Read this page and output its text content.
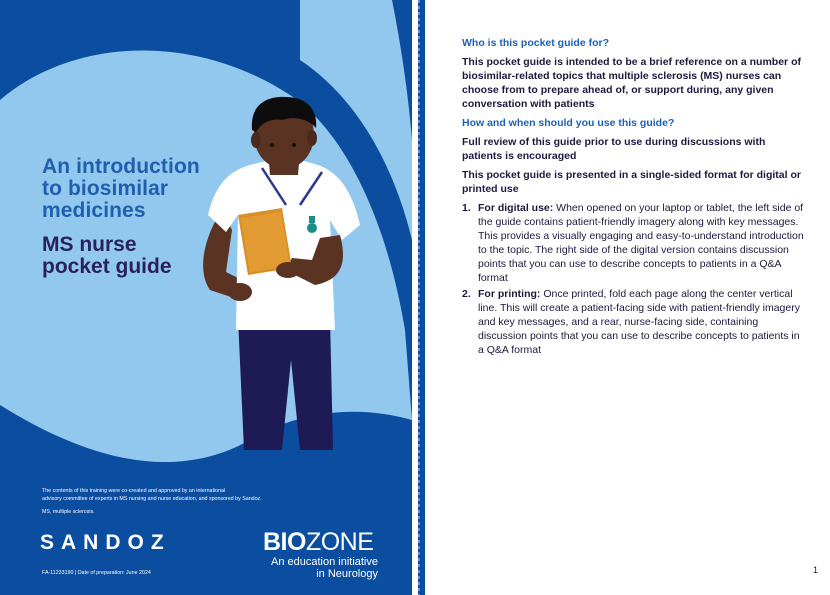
An introduction
to biosimilar
medicines
MS nurse
pocket guide
The contents of this training were co-created and approved by an international
advisory committee of experts in MS nursing and nurse education, and sponsored by Sandoz.
MS, multiple sclerosis.
SANDOZ
FA-11233190 | Date of preparation: June 2024
BIOZONE
An education initiative
in Neurology
Who is this pocket guide for?
This pocket guide is intended to be a brief reference on a number of biosimilar-related topics that multiple sclerosis (MS) nurses can choose from to prepare ahead of, or support during, any given conversation with patients
How and when should you use this guide?
Full review of this guide prior to use during discussions with patients is encouraged
This pocket guide is presented in a single-sided format for digital or printed use
1. For digital use: When opened on your laptop or tablet, the left side of the guide contains patient-friendly imagery along with key messages. This provides a visually engaging and easy-to-understand introduction to the topic. The right side of the digital version contains discussion points that you can use to describe concepts to patients in a Q&A format
2. For printing: Once printed, fold each page along the center vertical line. This will create a patient-facing side with patient-friendly imagery and key messages, and a rear, nurse-facing side, containing discussion points that you can use to describe concepts to patients in a Q&A format
1
